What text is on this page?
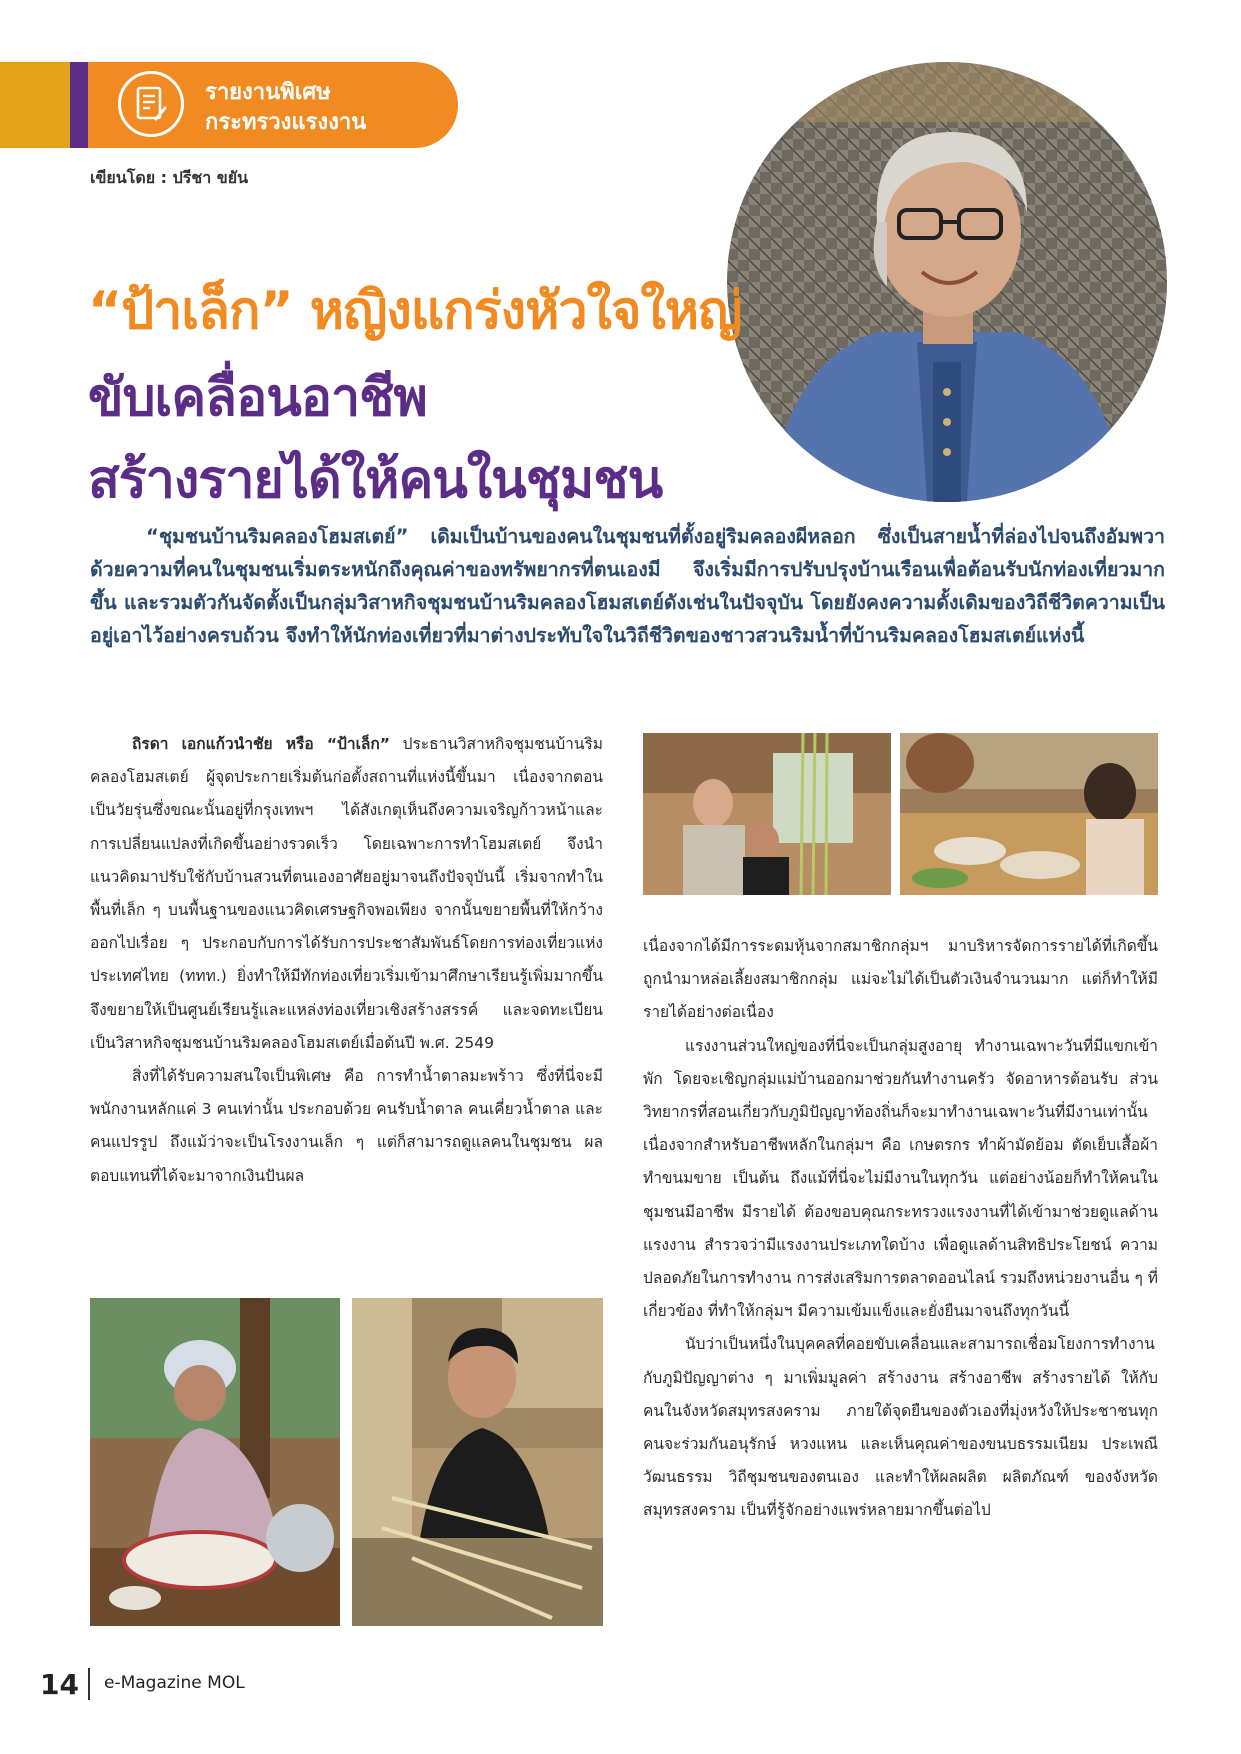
รายงานพิเศษ
กระทรวงแรงงาน
เขียนโดย : ปรีชา ขยัน
“ป้าเล็ก” หญิงแกร่งหัวใจใหญ่
ขับเคลื่อนอาชีพ
สร้างรายได้ให้คนในชุมชน

“ชุมชนบ้านริมคลองโฮมสเตย์” เดิมเป็นบ้านของคนในชุมชนที่ตั้งอยู่ริมคลองผีหลอก ซึ่งเป็นสายน้ำที่ล่องไปจนถึงอัมพวา ด้วยความที่คนในชุมชนเริ่มตระหนักถึงคุณค่าของทรัพยากรที่ตนเองมี จึงเริ่มมีการปรับปรุงบ้านเรือนเพื่อต้อนรับนักท่องเที่ยวมากขึ้น และรวมตัวกันจัดตั้งเป็นกลุ่มวิสาหกิจชุมชนบ้านริมคลองโฮมสเตย์ดังเช่นในปัจจุบัน โดยยังคงความดั้งเดิมของวิถีชีวิตความเป็นอยู่เอาไว้อย่างครบถ้วน จึงทำให้นักท่องเที่ยวที่มาต่างประทับใจในวิถีชีวิตของชาวสวนริมน้ำที่บ้านริมคลองโฮมสเตย์แห่งนี้

ถิรดา เอกแก้วนำชัย หรือ “ป้าเล็ก” ประธานวิสาหกิจชุมชนบ้านริมคลองโฮมสเตย์ ผู้จุดประกายเริ่มต้นก่อตั้งสถานที่แห่งนี้ขึ้นมา เนื่องจากตอนเป็นวัยรุ่นซึ่งขณะนั้นอยู่ที่กรุงเทพฯ ได้สังเกตุเห็นถึงความเจริญก้าวหน้าและการเปลี่ยนแปลงที่เกิดขึ้นอย่างรวดเร็ว โดยเฉพาะการทำโฮมสเตย์ จึงนำแนวคิดมาปรับใช้กับบ้านสวนที่ตนเองอาศัยอยู่มาจนถึงปัจจุบันนี้ เริ่มจากทำในพื้นที่เล็ก ๆ บนพื้นฐานของแนวคิดเศรษฐกิจพอเพียง จากนั้นขยายพื้นที่ให้กว้างออกไปเรื่อย ๆ ประกอบกับการได้รับการประชาสัมพันธ์โดยการท่องเที่ยวแห่งประเทศไทย (ททท.) ยิ่งทำให้มีทักท่องเที่ยวเริ่มเข้ามาศึกษาเรียนรู้เพิ่มมากขึ้น จึงขยายให้เป็นศูนย์เรียนรู้และแหล่งท่องเที่ยวเชิงสร้างสรรค์ และจดทะเบียนเป็นวิสาหกิจชุมชนบ้านริมคลองโฮมสเตย์เมื่อต้นปี พ.ศ. 2549

สิ่งที่ได้รับความสนใจเป็นพิเศษ คือ การทำน้ำตาลมะพร้าว ซึ่งที่นี่จะมีพนักงานหลักแค่ 3 คนเท่านั้น ประกอบด้วย คนรับน้ำตาล คนเคี่ยวน้ำตาล และคนแปรรูป ถึงแม้ว่าจะเป็นโรงงานเล็ก ๆ แต่ก็สามารถดูแลคนในชุมชน ผลตอบแทนที่ได้จะมาจากเงินปันผล

เนื่องจากได้มีการระดมหุ้นจากสมาชิกกลุ่มฯ มาบริหารจัดการรายได้ที่เกิดขึ้นถูกนำมาหล่อเลี้ยงสมาชิกกลุ่ม แม่จะไม่ได้เป็นตัวเงินจำนวนมาก แต่ก็ทำให้มีรายได้อย่างต่อเนื่อง

แรงงานส่วนใหญ่ของที่นี่จะเป็นกลุ่มสูงอายุ ทำงานเฉพาะวันที่มีแขกเข้าพัก โดยจะเชิญกลุ่มแม่บ้านออกมาช่วยกันทำงานครัว จัดอาหารต้อนรับ ส่วนวิทยากรที่สอนเกี่ยวกับภูมิปัญญาท้องถิ่นก็จะมาทำงานเฉพาะวันที่มีงานเท่านั้น เนื่องจากสำหรับอาชีพหลักในกลุ่มฯ คือ เกษตรกร ทำผ้ามัดย้อม ตัดเย็บเสื้อผ้า ทำขนมขาย เป็นต้น ถึงแม้ที่นี่จะไม่มีงานในทุกวัน แต่อย่างน้อยก็ทำให้คนในชุมชนมีอาชีพ มีรายได้ ต้องขอบคุณกระทรวงแรงงานที่ได้เข้ามาช่วยดูแลด้านแรงงาน สำรวจว่ามีแรงงานประเภทใดบ้าง เพื่อดูแลด้านสิทธิประโยชน์ ความปลอดภัยในการทำงาน การส่งเสริมการตลาดออนไลน์ รวมถึงหน่วยงานอื่น ๆ ที่เกี่ยวข้อง ที่ทำให้กลุ่มฯ มีความเข้มแข็งและยั่งยืนมาจนถึงทุกวันนี้

นับว่าเป็นหนึ่งในบุคคลที่คอยขับเคลื่อนและสามารถเชื่อมโยงการทำงานกับภูมิปัญญาต่าง ๆ มาเพิ่มมูลค่า สร้างงาน สร้างอาชีพ สร้างรายได้ ให้กับคนในจังหวัดสมุทรสงคราม ภายใต้จุดยืนของตัวเองที่มุ่งหวังให้ประชาชนทุกคนจะร่วมกันอนุรักษ์ หวงแหน และเห็นคุณค่าของขนบธรรมเนียม ประเพณีวัฒนธรรม วิถีชุมชนของตนเอง และทำให้ผลผลิต ผลิตภัณฑ์ ของจังหวัดสมุทรสงคราม เป็นที่รู้จักอย่างแพร่หลายมากขึ้นต่อไป

14 e-Magazine MOL
